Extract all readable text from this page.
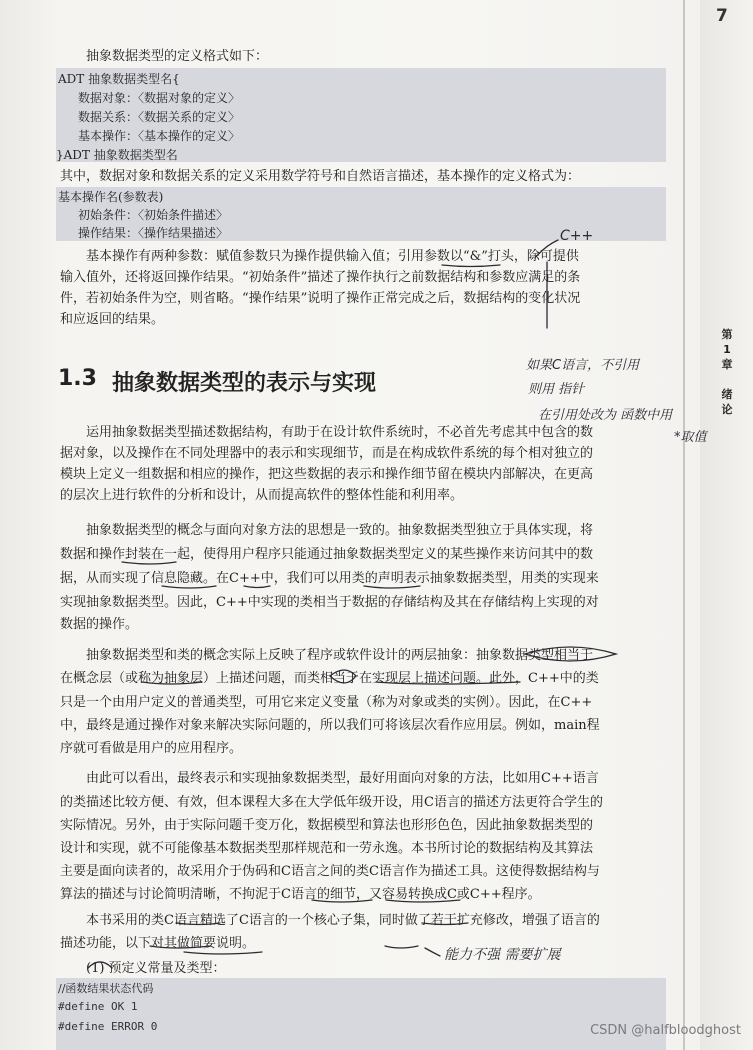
7
第
1
章

绪
论
抽象数据类型的定义格式如下：
ADT 抽象数据类型名{
数据对象：〈数据对象的定义〉
数据关系：〈数据关系的定义〉
基本操作：〈基本操作的定义〉
}ADT 抽象数据类型名
其中，数据对象和数据关系的定义采用数学符号和自然语言描述，基本操作的定义格式为：
基本操作名(参数表)
初始条件：〈初始条件描述〉
操作结果：〈操作结果描述〉
基本操作有两种参数：赋值参数只为操作提供输入值；引用参数以“&”打头，除可提供
输入值外，还将返回操作结果。“初始条件”描述了操作执行之前数据结构和参数应满足的条
件，若初始条件为空，则省略。“操作结果”说明了操作正常完成之后，数据结构的变化状况
和应返回的结果。
1.3 抽象数据类型的表示与实现
运用抽象数据类型描述数据结构，有助于在设计软件系统时，不必首先考虑其中包含的数
据对象，以及操作在不同处理器中的表示和实现细节，而是在构成软件系统的每个相对独立的
模块上定义一组数据和相应的操作，把这些数据的表示和操作细节留在模块内部解决，在更高
的层次上进行软件的分析和设计，从而提高软件的整体性能和利用率。
抽象数据类型的概念与面向对象方法的思想是一致的。抽象数据类型独立于具体实现，将
数据和操作封装在一起，使得用户程序只能通过抽象数据类型定义的某些操作来访问其中的数
据，从而实现了信息隐藏。在C++中，我们可以用类的声明表示抽象数据类型，用类的实现来
实现抽象数据类型。因此，C++中实现的类相当于数据的存储结构及其在存储结构上实现的对
数据的操作。
抽象数据类型和类的概念实际上反映了程序或软件设计的两层抽象：抽象数据类型相当于
在概念层（或称为抽象层）上描述问题，而类相当于在实现层上描述问题。此外，C++中的类
只是一个由用户定义的普通类型，可用它来定义变量（称为对象或类的实例）。因此，在C++
中，最终是通过操作对象来解决实际问题的，所以我们可将该层次看作应用层。例如，main程
序就可看做是用户的应用程序。
由此可以看出，最终表示和实现抽象数据类型，最好用面向对象的方法，比如用C++语言
的类描述比较方便、有效，但本课程大多在大学低年级开设，用C语言的描述方法更符合学生的
实际情况。另外，由于实际问题千变万化，数据模型和算法也形形色色，因此抽象数据类型的
设计和实现，就不可能像基本数据类型那样规范和一劳永逸。本书所讨论的数据结构及其算法
主要是面向读者的，故采用介于伪码和C语言之间的类C语言作为描述工具。这使得数据结构与
算法的描述与讨论简明清晰，不拘泥于C语言的细节，又容易转换成C或C++程序。
本书采用的类C语言精选了C语言的一个核心子集，同时做了若干扩充修改，增强了语言的
描述功能，以下对其做简要说明。
(1) 预定义常量及类型：
//函数结果状态代码
#define OK 1
#define ERROR 0
C++
如果C语言，不引用
则用 指针
在引用处改为 函数中用
*取值
能力不强 需要扩展
CSDN @halfbloodghost
